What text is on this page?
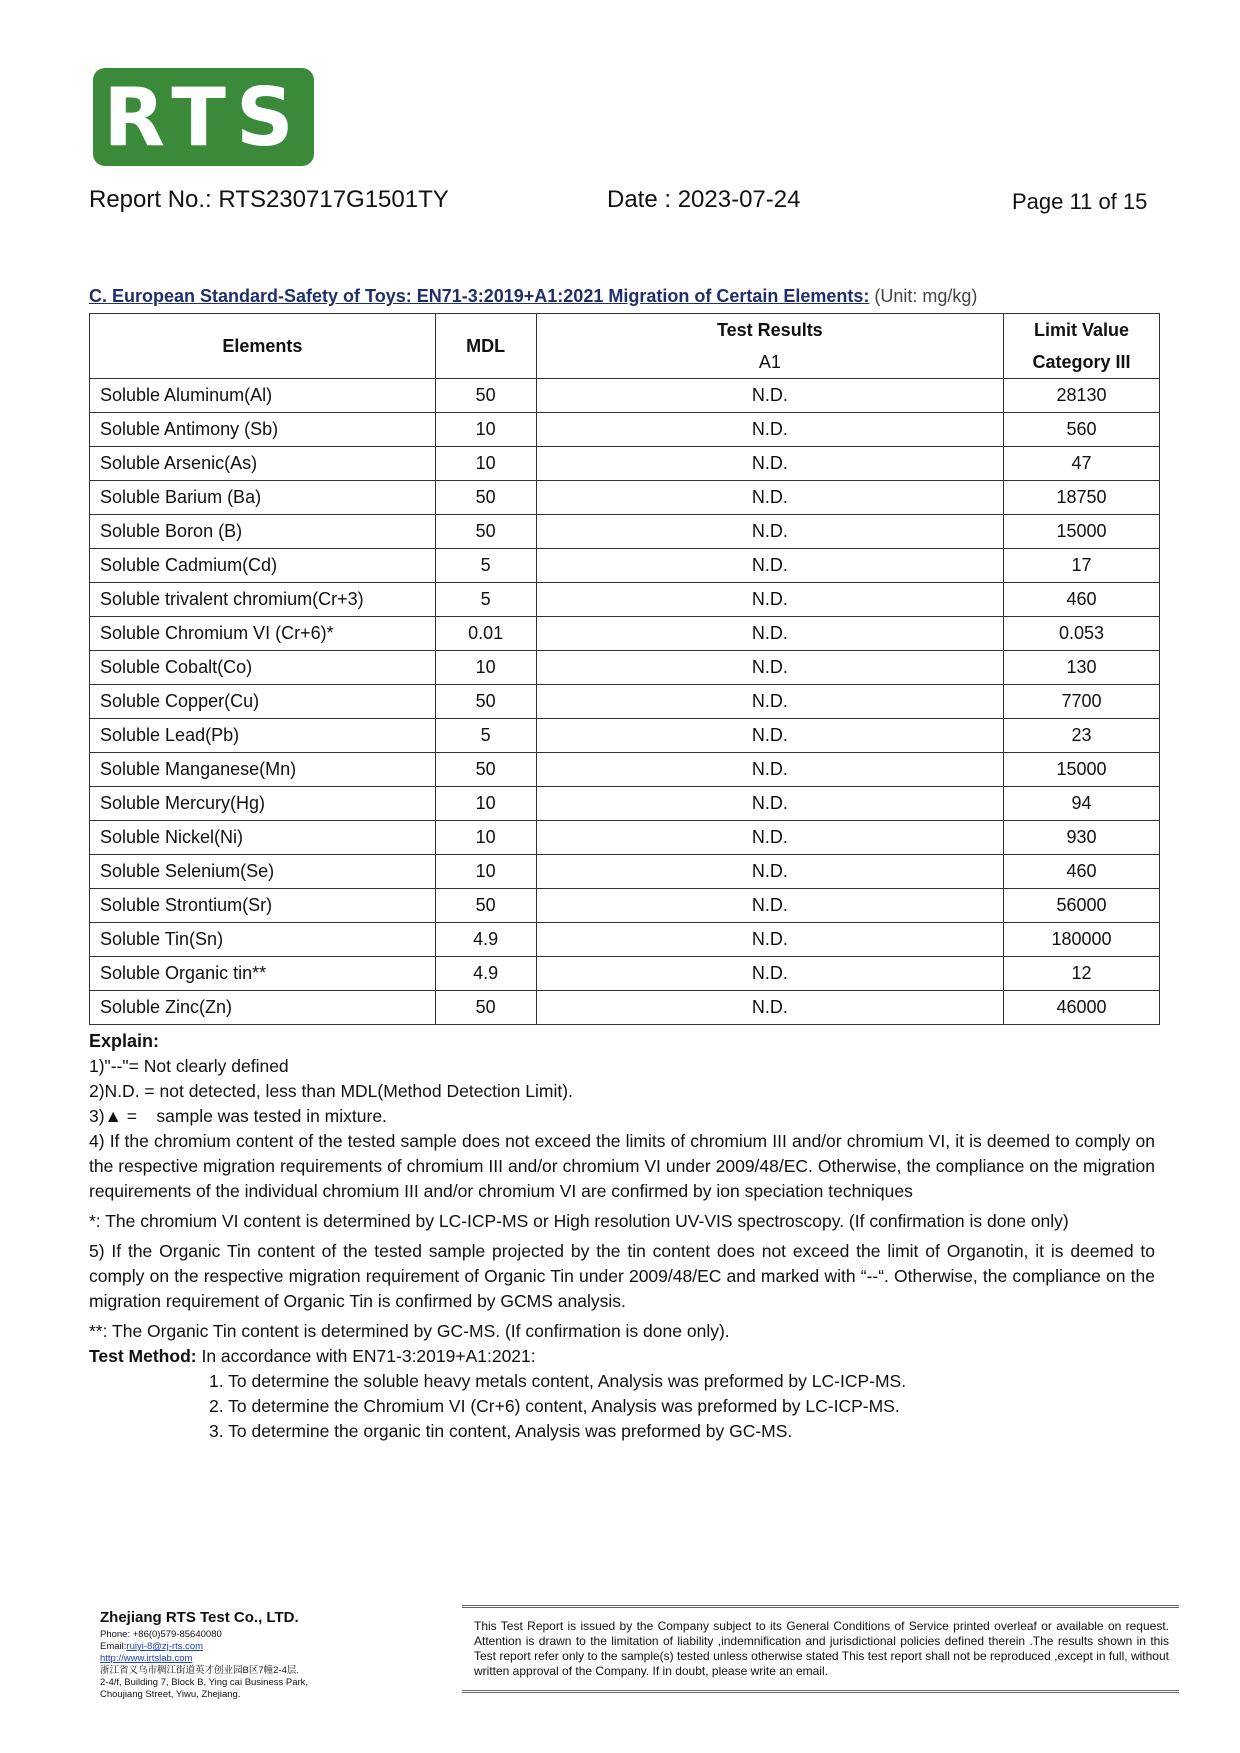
RTS
Report No.: RTS230717G1501TY	Date : 2023-07-24	Page 11 of 15
C. European Standard-Safety of Toys: EN71-3:2019+A1:2021 Migration of Certain Elements: (Unit: mg/kg)
Elements	MDL	Test Results	Limit Value
		A1	Category III
Soluble Aluminum(Al)	50	N.D.	28130
Soluble Antimony (Sb)	10	N.D.	560
Soluble Arsenic(As)	10	N.D.	47
Soluble Barium (Ba)	50	N.D.	18750
Soluble Boron (B)	50	N.D.	15000
Soluble Cadmium(Cd)	5	N.D.	17
Soluble trivalent chromium(Cr+3)	5	N.D.	460
Soluble Chromium VI (Cr+6)*	0.01	N.D.	0.053
Soluble Cobalt(Co)	10	N.D.	130
Soluble Copper(Cu)	50	N.D.	7700
Soluble Lead(Pb)	5	N.D.	23
Soluble Manganese(Mn)	50	N.D.	15000
Soluble Mercury(Hg)	10	N.D.	94
Soluble Nickel(Ni)	10	N.D.	930
Soluble Selenium(Se)	10	N.D.	460
Soluble Strontium(Sr)	50	N.D.	56000
Soluble Tin(Sn)	4.9	N.D.	180000
Soluble Organic tin**	4.9	N.D.	12
Soluble Zinc(Zn)	50	N.D.	46000

Explain:

1)"--"= Not clearly defined

2)N.D. = not detected, less than MDL(Method Detection Limit).

3)▲ =    sample was tested in mixture.

4) If the chromium content of the tested sample does not exceed the limits of chromium III and/or chromium VI, it is deemed to comply on the respective migration requirements of chromium III and/or chromium VI under 2009/48/EC. Otherwise, the compliance on the migration requirements of the individual chromium III and/or chromium VI are confirmed by ion speciation techniques

*: The chromium VI content is determined by LC-ICP-MS or High resolution UV-VIS spectroscopy. (If confirmation is done only)

5) If the Organic Tin content of the tested sample projected by the tin content does not exceed the limit of Organotin, it is deemed to comply on the respective migration requirement of Organic Tin under 2009/48/EC and marked with “--“. Otherwise, the compliance on the migration requirement of Organic Tin is confirmed by GCMS analysis.

**: The Organic Tin content is determined by GC-MS. (If confirmation is done only).

Test Method: In accordance with EN71-3:2019+A1:2021:

1. To determine the soluble heavy metals content, Analysis was preformed by LC-ICP-MS.

2. To determine the Chromium VI (Cr+6) content, Analysis was preformed by LC-ICP-MS.

3. To determine the organic tin content, Analysis was preformed by GC-MS.

Zhejiang RTS Test Co., LTD.
Phone: +86(0)579-85640080
Email:ruiyi-8@zj-rts.com
http://www.irtslab.com
浙江省义乌市稠江街道英才创业园B区7幢2-4层.
2-4/f, Building 7, Block B, Ying cai Business Park,
Choujiang Street, Yiwu, Zhejiang.
This Test Report is issued by the Company subject to its General Conditions of Service printed overleaf or available on request. Attention is drawn to the limitation of liability ,indemnification and jurisdictional policies defined therein .The results shown in this Test report refer only to the sample(s) tested unless otherwise stated This test report shall not be reproduced ,except in full, without written approval of the Company. If in doubt, please write an email.
